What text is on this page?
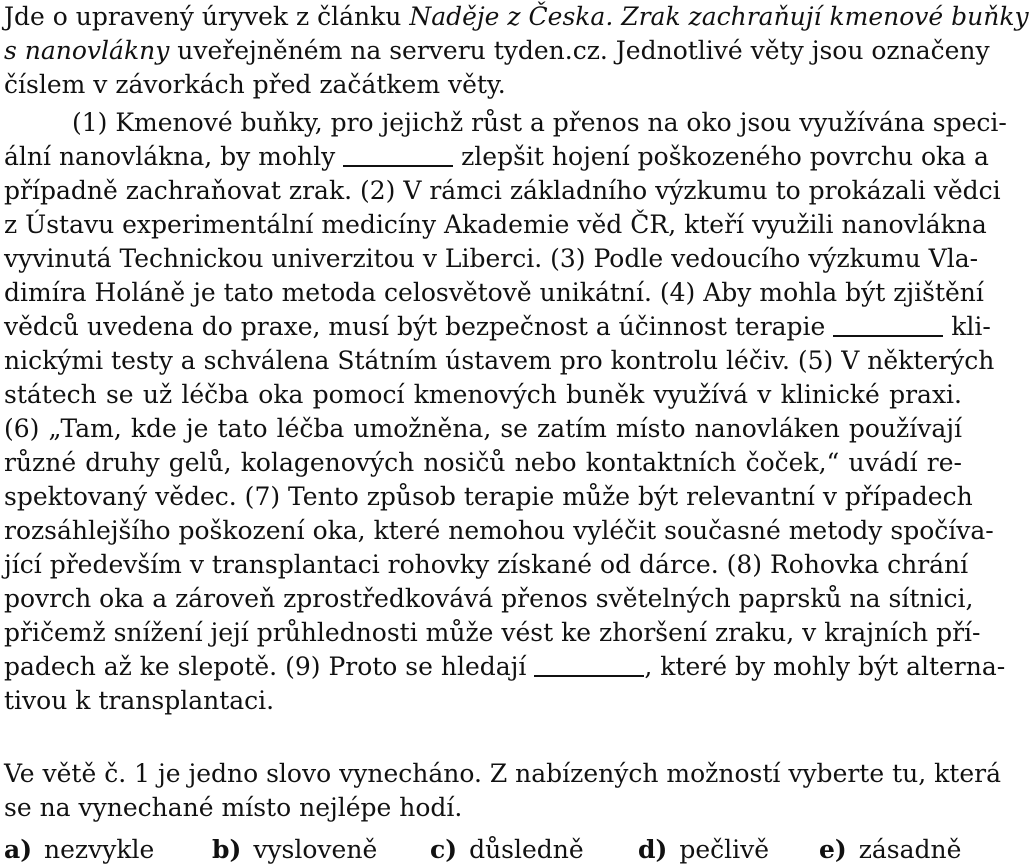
Jde o upravený úryvek z článku Naděje z Česka. Zrak zachraňují kmenové buňky
s nanovlákny uveřejněném na serveru tyden.cz. Jednotlivé věty jsou označeny
číslem v závorkách před začátkem věty.
(1) Kmenové buňky, pro jejichž růst a přenos na oko jsou využívána speci-
ální nanovlákna, by mohly	zlepšit hojení poškozeného povrchu oka a
případně zachraňovat zrak. (2) V rámci základního výzkumu to prokázali vědci
z Ústavu experimentální medicíny Akademie věd ČR, kteří využili nanovlákna
vyvinutá Technickou univerzitou v Liberci. (3) Podle vedoucího výzkumu Vla-
dimíra Holáně je tato metoda celosvětově unikátní. (4) Aby mohla být zjištění
vědců uvedena do praxe, musí být bezpečnost a účinnost terapie	kli-
nickými testy a schválena Státním ústavem pro kontrolu léčiv. (5) V některých
státech se už léčba oka pomocí kmenových buněk využívá v klinické praxi.
(6) „Tam, kde je tato léčba umožněna, se zatím místo nanovláken používají
různé druhy gelů, kolagenových nosičů nebo kontaktních čoček,“ uvádí re-
spektovaný vědec. (7) Tento způsob terapie může být relevantní v případech
rozsáhlejšího poškození oka, které nemohou vyléčit současné metody spočíva-
jící především v transplantaci rohovky získané od dárce. (8) Rohovka chrání
povrch oka a zároveň zprostředkovává přenos světelných paprsků na sítnici,
přičemž snížení její průhlednosti může vést ke zhoršení zraku, v krajních pří-
padech až ke slepotě. (9) Proto se hledají	, které by mohly být alterna-
tivou k transplantaci.
Ve větě č. 1 je jedno slovo vynecháno. Z nabízených možností vyberte tu, která
se na vynechané místo nejlépe hodí.
a) nezvykle b) vysloveně c) důsledně d) pečlivě e) zásadně
